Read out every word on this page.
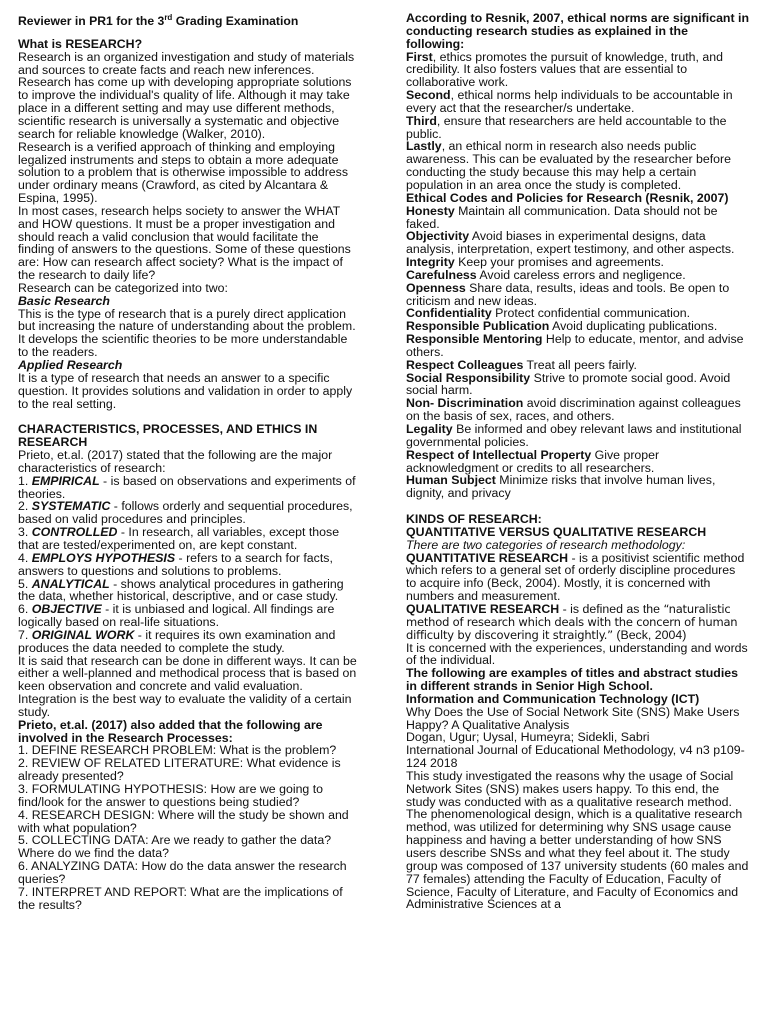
Reviewer in PR1 for the 3rd Grading Examination

What is RESEARCH?

Research is an organized investigation and study of materials and sources to create facts and reach new inferences. Research has come up with developing appropriate solutions to improve the individual's quality of life. Although it may take place in a different setting and may use different methods, scientific research is universally a systematic and objective search for reliable knowledge (Walker, 2010).

Research is a verified approach of thinking and employing legalized instruments and steps to obtain a more adequate solution to a problem that is otherwise impossible to address under ordinary means (Crawford, as cited by Alcantara & Espina, 1995).

In most cases, research helps society to answer the WHAT and HOW questions. It must be a proper investigation and should reach a valid conclusion that would facilitate the finding of answers to the questions. Some of these questions are: How can research affect society? What is the impact of the research to daily life?

Research can be categorized into two:

Basic Research

This is the type of research that is a purely direct application but increasing the nature of understanding about the problem. It develops the scientific theories to be more understandable to the readers.

Applied Research

It is a type of research that needs an answer to a specific question. It provides solutions and validation in order to apply to the real setting.

CHARACTERISTICS, PROCESSES, AND ETHICS IN RESEARCH

Prieto, et.al. (2017) stated that the following are the major characteristics of research:

1. EMPIRICAL - is based on observations and experiments of theories.

2. SYSTEMATIC - follows orderly and sequential procedures, based on valid procedures and principles.

3. CONTROLLED - In research, all variables, except those that are tested/experimented on, are kept constant.

4. EMPLOYS HYPOTHESIS - refers to a search for facts, answers to questions and solutions to problems.

5. ANALYTICAL - shows analytical procedures in gathering the data, whether historical, descriptive, and or case study.

6. OBJECTIVE - it is unbiased and logical. All findings are logically based on real-life situations.

7. ORIGINAL WORK - it requires its own examination and produces the data needed to complete the study.

It is said that research can be done in different ways. It can be either a well-planned and methodical process that is based on keen observation and concrete and valid evaluation. Integration is the best way to evaluate the validity of a certain study.

Prieto, et.al. (2017) also added that the following are involved in the Research Processes:

1. DEFINE RESEARCH PROBLEM: What is the problem?

2. REVIEW OF RELATED LITERATURE: What evidence is already presented?

3. FORMULATING HYPOTHESIS: How are we going to find/look for the answer to questions being studied?

4. RESEARCH DESIGN: Where will the study be shown and with what population?

5. COLLECTING DATA: Are we ready to gather the data? Where do we find the data?

6. ANALYZING DATA: How do the data answer the research queries?

7. INTERPRET AND REPORT: What are the implications of the results?

According to Resnik, 2007, ethical norms are significant in conducting research studies as explained in the following:

First, ethics promotes the pursuit of knowledge, truth, and credibility. It also fosters values that are essential to collaborative work.

Second, ethical norms help individuals to be accountable in every act that the researcher/s undertake.

Third, ensure that researchers are held accountable to the public.

Lastly, an ethical norm in research also needs public awareness. This can be evaluated by the researcher before conducting the study because this may help a certain population in an area once the study is completed.

Ethical Codes and Policies for Research (Resnik, 2007)

Honesty Maintain all communication. Data should not be faked.

Objectivity Avoid biases in experimental designs, data analysis, interpretation, expert testimony, and other aspects.

Integrity Keep your promises and agreements.

Carefulness Avoid careless errors and negligence.

Openness Share data, results, ideas and tools. Be open to criticism and new ideas.

Confidentiality Protect confidential communication.

Responsible Publication Avoid duplicating publications.

Responsible Mentoring Help to educate, mentor, and advise others.

Respect Colleagues Treat all peers fairly.

Social Responsibility Strive to promote social good. Avoid social harm.

Non- Discrimination avoid discrimination against colleagues on the basis of sex, races, and others.

Legality Be informed and obey relevant laws and institutional governmental policies.

Respect of Intellectual Property Give proper acknowledgment or credits to all researchers.

Human Subject Minimize risks that involve human lives, dignity, and privacy

KINDS OF RESEARCH:

QUANTITATIVE VERSUS QUALITATIVE RESEARCH

There are two categories of research methodology:

QUANTITATIVE RESEARCH - is a positivist scientific method which refers to a general set of orderly discipline procedures to acquire info (Beck, 2004). Mostly, it is concerned with numbers and measurement.

QUALITATIVE RESEARCH - is defined as the “naturalistic method of research which deals with the concern of human difficulty by discovering it straightly.” (Beck, 2004)

It is concerned with the experiences, understanding and words of the individual.

The following are examples of titles and abstract studies in different strands in Senior High School.

Information and Communication Technology (ICT)

Why Does the Use of Social Network Site (SNS) Make Users Happy? A Qualitative Analysis

Dogan, Ugur; Uysal, Humeyra; Sidekli, Sabri

International Journal of Educational Methodology, v4 n3 p109-124 2018

This study investigated the reasons why the usage of Social Network Sites (SNS) makes users happy. To this end, the study was conducted with as a qualitative research method. The phenomenological design, which is a qualitative research method, was utilized for determining why SNS usage cause happiness and having a better understanding of how SNS users describe SNSs and what they feel about it. The study group was composed of 137 university students (60 males and 77 females) attending the Faculty of Education, Faculty of Science, Faculty of Literature, and Faculty of Economics and Administrative Sciences at a
